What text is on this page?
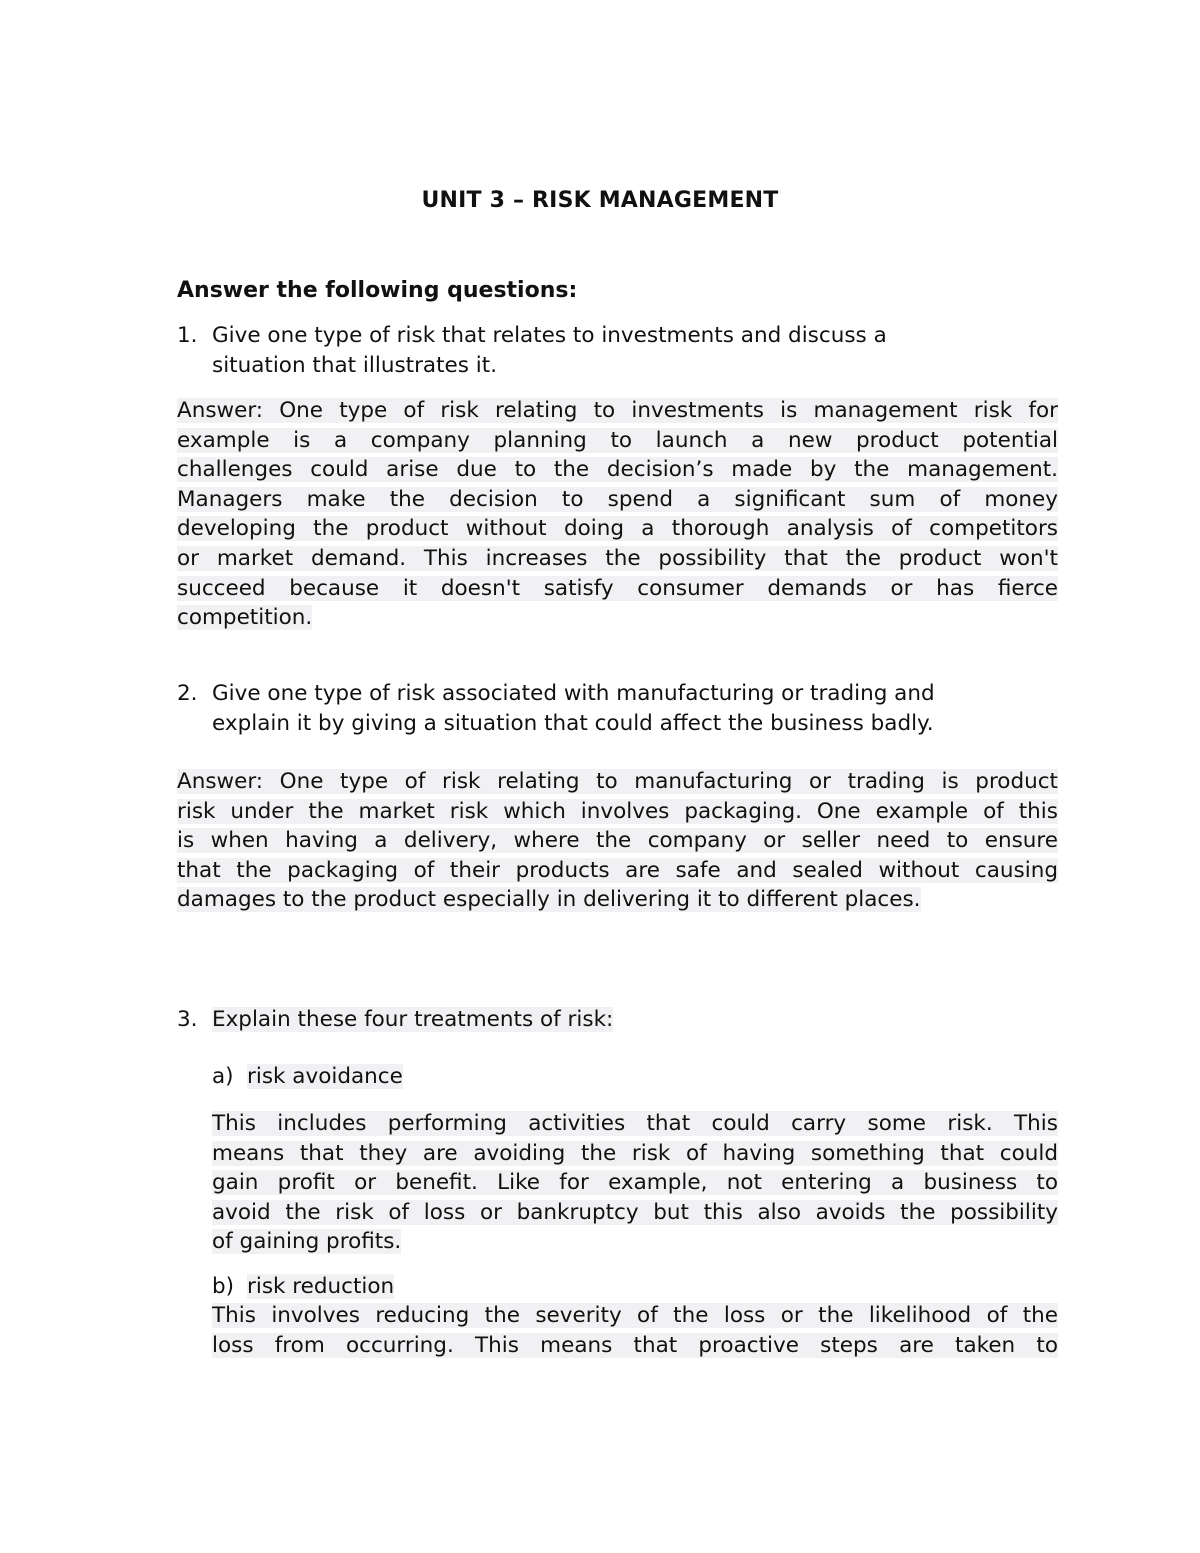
UNIT 3 – RISK MANAGEMENT
Answer the following questions:
1. Give one type of risk that relates to investments and discuss a
situation that illustrates it.
Answer: One type of risk relating to investments is management risk for
example is a company planning to launch a new product potential
challenges could arise due to the decision’s made by the management.
Managers make the decision to spend a significant sum of money
developing the product without doing a thorough analysis of competitors
or market demand. This increases the possibility that the product won't
succeed because it doesn't satisfy consumer demands or has fierce
competition.
2. Give one type of risk associated with manufacturing or trading and
explain it by giving a situation that could affect the business badly.
Answer: One type of risk relating to manufacturing or trading is product
risk under the market risk which involves packaging. One example of this
is when having a delivery, where the company or seller need to ensure
that the packaging of their products are safe and sealed without causing
damages to the product especially in delivering it to different places.
3. Explain these four treatments of risk:
a) risk avoidance
This includes performing activities that could carry some risk. This
means that they are avoiding the risk of having something that could
gain profit or benefit. Like for example, not entering a business to
avoid the risk of loss or bankruptcy but this also avoids the possibility
of gaining profits.
b) risk reduction
This involves reducing the severity of the loss or the likelihood of the
loss from occurring. This means that proactive steps are taken to
